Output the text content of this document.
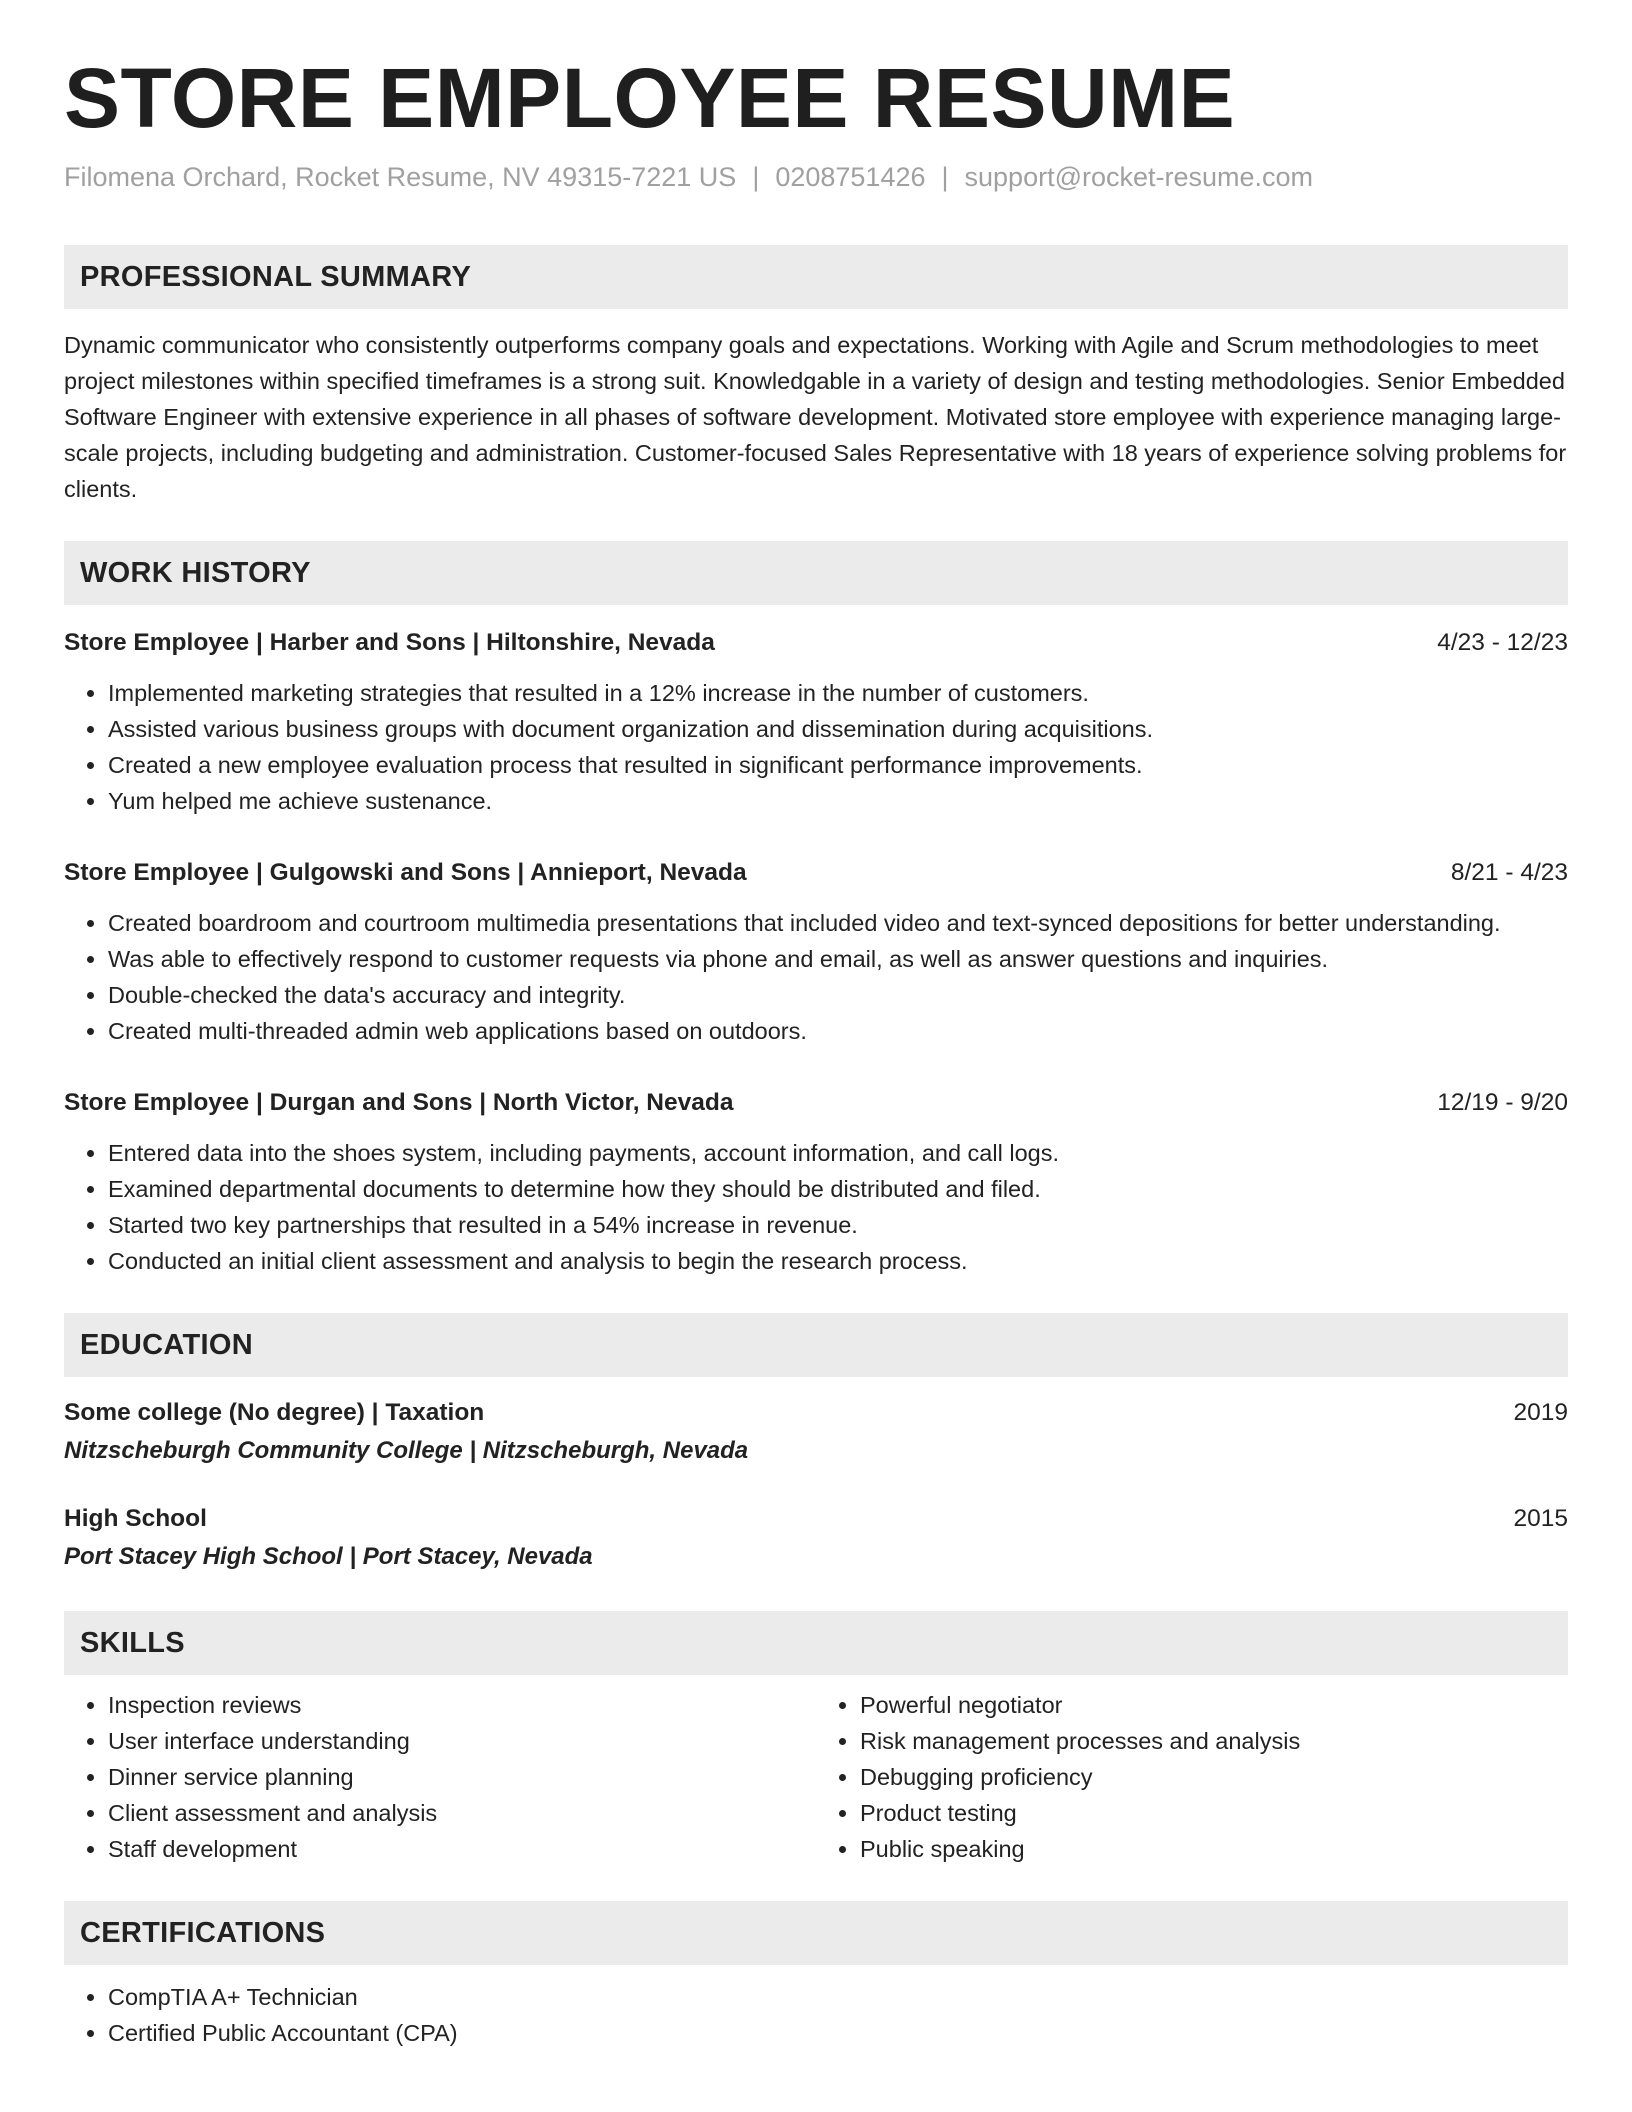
STORE EMPLOYEE RESUME
Filomena Orchard, Rocket Resume, NV 49315-7221 US | 0208751426 | support@rocket-resume.com
PROFESSIONAL SUMMARY
Dynamic communicator who consistently outperforms company goals and expectations. Working with Agile and Scrum methodologies to meet project milestones within specified timeframes is a strong suit. Knowledgable in a variety of design and testing methodologies. Senior Embedded Software Engineer with extensive experience in all phases of software development. Motivated store employee with experience managing large-scale projects, including budgeting and administration. Customer-focused Sales Representative with 18 years of experience solving problems for clients.
WORK HISTORY
Store Employee | Harber and Sons | Hiltonshire, Nevada	4/23 - 12/23
• Implemented marketing strategies that resulted in a 12% increase in the number of customers.
• Assisted various business groups with document organization and dissemination during acquisitions.
• Created a new employee evaluation process that resulted in significant performance improvements.
• Yum helped me achieve sustenance.
Store Employee | Gulgowski and Sons | Annieport, Nevada	8/21 - 4/23
• Created boardroom and courtroom multimedia presentations that included video and text-synced depositions for better understanding.
• Was able to effectively respond to customer requests via phone and email, as well as answer questions and inquiries.
• Double-checked the data's accuracy and integrity.
• Created multi-threaded admin web applications based on outdoors.
Store Employee | Durgan and Sons | North Victor, Nevada	12/19 - 9/20
• Entered data into the shoes system, including payments, account information, and call logs.
• Examined departmental documents to determine how they should be distributed and filed.
• Started two key partnerships that resulted in a 54% increase in revenue.
• Conducted an initial client assessment and analysis to begin the research process.
EDUCATION
Some college (No degree) | Taxation	2019
Nitzscheburgh Community College | Nitzscheburgh, Nevada
High School	2015
Port Stacey High School | Port Stacey, Nevada
SKILLS
• Inspection reviews
• User interface understanding
• Dinner service planning
• Client assessment and analysis
• Staff development
• Powerful negotiator
• Risk management processes and analysis
• Debugging proficiency
• Product testing
• Public speaking
CERTIFICATIONS
• CompTIA A+ Technician
• Certified Public Accountant (CPA)
